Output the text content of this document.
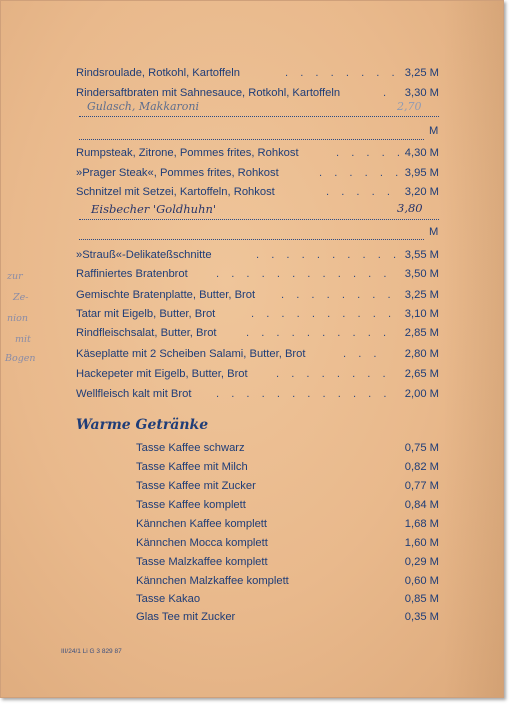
Rindsroulade, Rotkohl, Kartoffeln	. . . . . . . . 3,25 M
Rindersaftbraten mit Sahnesauce, Rotkohl, Kartoffeln	. 3,30 M
Gulasch, Makkaroni	2,70
M
Rumpsteak, Zitrone, Pommes frites, Rohkost	. . . . . 4,30 M
»Prager Steak«, Pommes frites, Rohkost	. . . . . . 3,95 M
Schnitzel mit Setzei, Kartoffeln, Rohkost	. . . . . 3,20 M
Eisbecher 'Goldhuhn'	3,80
M
»Strauß«-Delikateßschnitte	. . . . . . . . . . 3,55 M
Raffiniertes Bratenbrot	. . . . . . . . . . . . 3,50 M
Gemischte Bratenplatte, Butter, Brot . . . . . . . . 3,25 M
Tatar mit Eigelb, Butter, Brot	. . . . . . . . . . 3,10 M
Rindfleischsalat, Butter, Brot	. . . . . . . . . . 2,85 M
Käseplatte mit 2 Scheiben Salami, Butter, Brot	. . . 2,80 M
Hackepeter mit Eigelb, Butter, Brot	. . . . . . . . 2,65 M
Wellfleisch kalt mit Brot . . . . . . . . . . . . 2,00 M
zur
Ze-
nion
mit
Bogen
Warme Getränke
Tasse Kaffee schwarz	0,75 M
Tasse Kaffee mit Milch	0,82 M
Tasse Kaffee mit Zucker	0,77 M
Tasse Kaffee komplett	0,84 M
Kännchen Kaffee komplett	1,68 M
Kännchen Mocca komplett	1,60 M
Tasse Malzkaffee komplett	0,29 M
Kännchen Malzkaffee komplett	0,60 M
Tasse Kakao	0,85 M
Glas Tee mit Zucker	0,35 M
III/24/1 Li G 3 829 87
